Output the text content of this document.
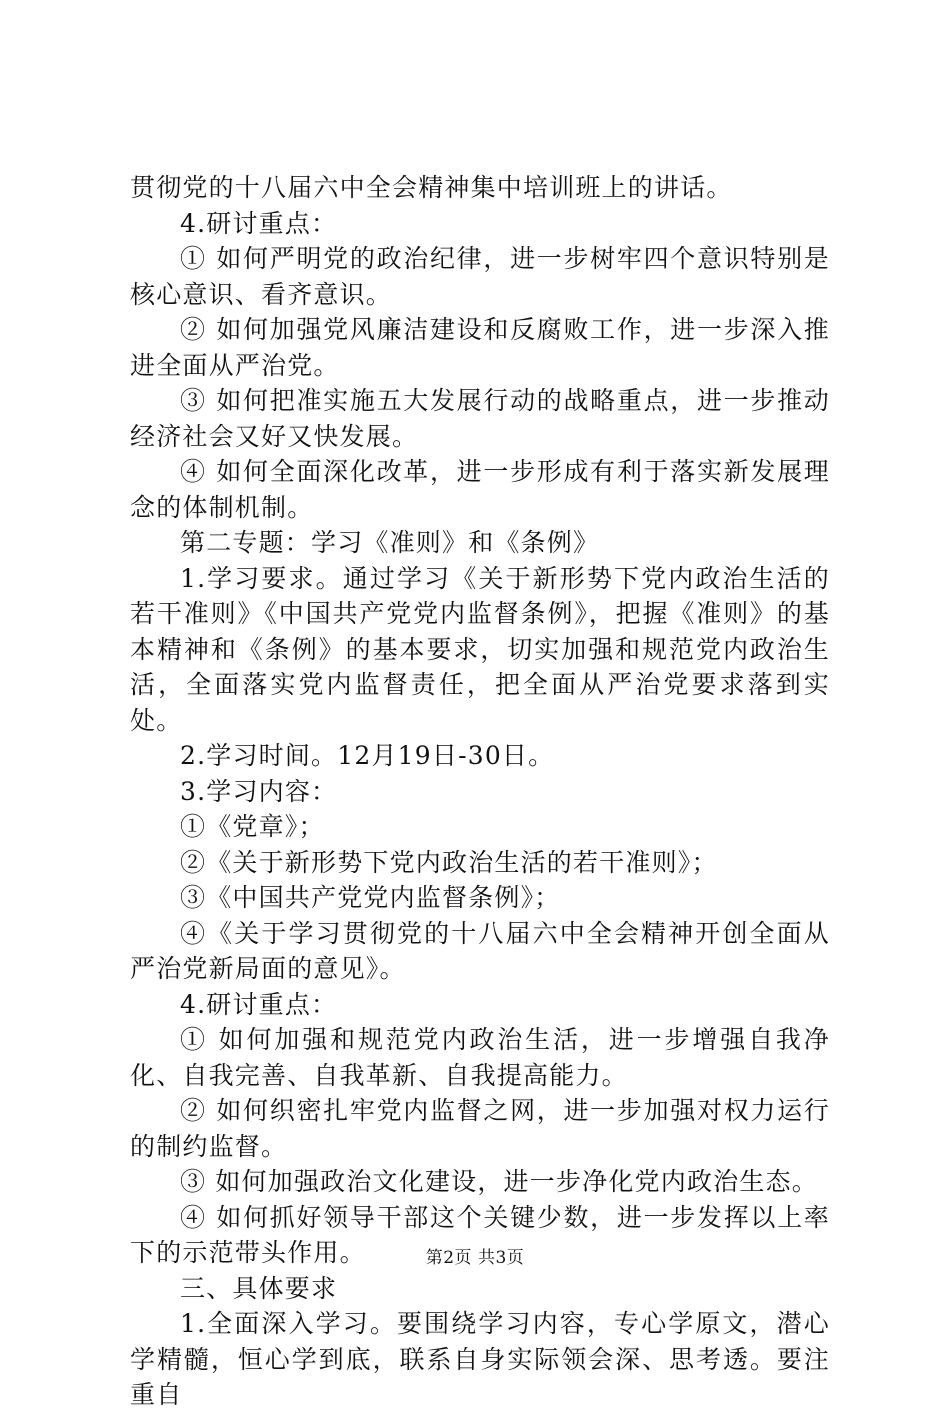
贯彻党的十八届六中全会精神集中培训班上的讲话。

4.研讨重点：

① 如何严明党的政治纪律，进一步树牢四个意识特别是核心意识、看齐意识。

② 如何加强党风廉洁建设和反腐败工作，进一步深入推进全面从严治党。

③ 如何把准实施五大发展行动的战略重点，进一步推动经济社会又好又快发展。

④ 如何全面深化改革，进一步形成有利于落实新发展理念的体制机制。

第二专题：学习《准则》和《条例》

1.学习要求。通过学习《关于新形势下党内政治生活的若干准则》《中国共产党党内监督条例》，把握《准则》的基本精神和《条例》的基本要求，切实加强和规范党内政治生活，全面落实党内监督责任，把全面从严治党要求落到实处。

2.学习时间。12月19日-30日。

3.学习内容：

①《党章》；

②《关于新形势下党内政治生活的若干准则》；

③《中国共产党党内监督条例》；

④《关于学习贯彻党的十八届六中全会精神开创全面从严治党新局面的意见》。

4.研讨重点：

① 如何加强和规范党内政治生活，进一步增强自我净化、自我完善、自我革新、自我提高能力。

② 如何织密扎牢党内监督之网，进一步加强对权力运行的制约监督。

③ 如何加强政治文化建设，进一步净化党内政治生态。

④ 如何抓好领导干部这个关键少数，进一步发挥以上率下的示范带头作用。

三、具体要求

1.全面深入学习。要围绕学习内容，专心学原文，潜心学精髓，恒心学到底，联系自身实际领会深、思考透。要注重自

第2页 共3页
